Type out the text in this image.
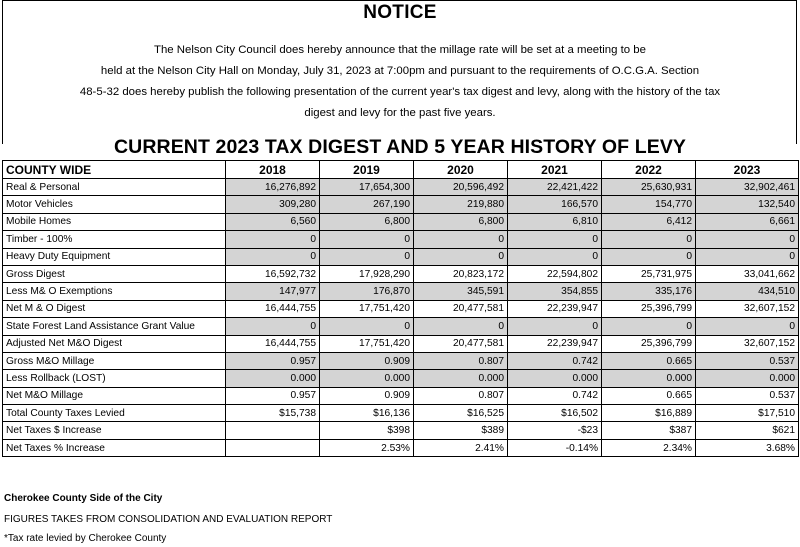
NOTICE
The Nelson City Council does hereby announce that the millage rate will be set at a meeting to be
held at the Nelson City Hall on Monday, July 31, 2023 at 7:00pm and pursuant to the requirements of O.C.G.A. Section
48-5-32 does hereby publish the following presentation of the current year's tax digest and levy, along with the history of the tax
digest and levy for the past five years.
CURRENT 2023 TAX DIGEST AND 5 YEAR HISTORY OF LEVY
COUNTY WIDE	2018	2019	2020	2021	2022	2023
Real & Personal	16,276,892	17,654,300	20,596,492	22,421,422	25,630,931	32,902,461
Motor Vehicles	309,280	267,190	219,880	166,570	154,770	132,540
Mobile Homes	6,560	6,800	6,800	6,810	6,412	6,661
Timber - 100%	0	0	0	0	0	0
Heavy Duty Equipment	0	0	0	0	0	0
Gross Digest	16,592,732	17,928,290	20,823,172	22,594,802	25,731,975	33,041,662
Less M& O Exemptions	147,977	176,870	345,591	354,855	335,176	434,510
Net M & O Digest	16,444,755	17,751,420	20,477,581	22,239,947	25,396,799	32,607,152
State Forest Land Assistance Grant Value	0	0	0	0	0	0
Adjusted Net M&O Digest	16,444,755	17,751,420	20,477,581	22,239,947	25,396,799	32,607,152
Gross M&O Millage	0.957	0.909	0.807	0.742	0.665	0.537
Less Rollback (LOST)	0.000	0.000	0.000	0.000	0.000	0.000
Net M&O Millage	0.957	0.909	0.807	0.742	0.665	0.537
Total County Taxes Levied	$15,738	$16,136	$16,525	$16,502	$16,889	$17,510
Net Taxes $ Increase		$398	$389	-$23	$387	$621
Net Taxes % Increase		2.53%	2.41%	-0.14%	2.34%	3.68%
Cherokee County Side of the City
FIGURES TAKES FROM CONSOLIDATION AND EVALUATION REPORT
*Tax rate levied by Cherokee County
